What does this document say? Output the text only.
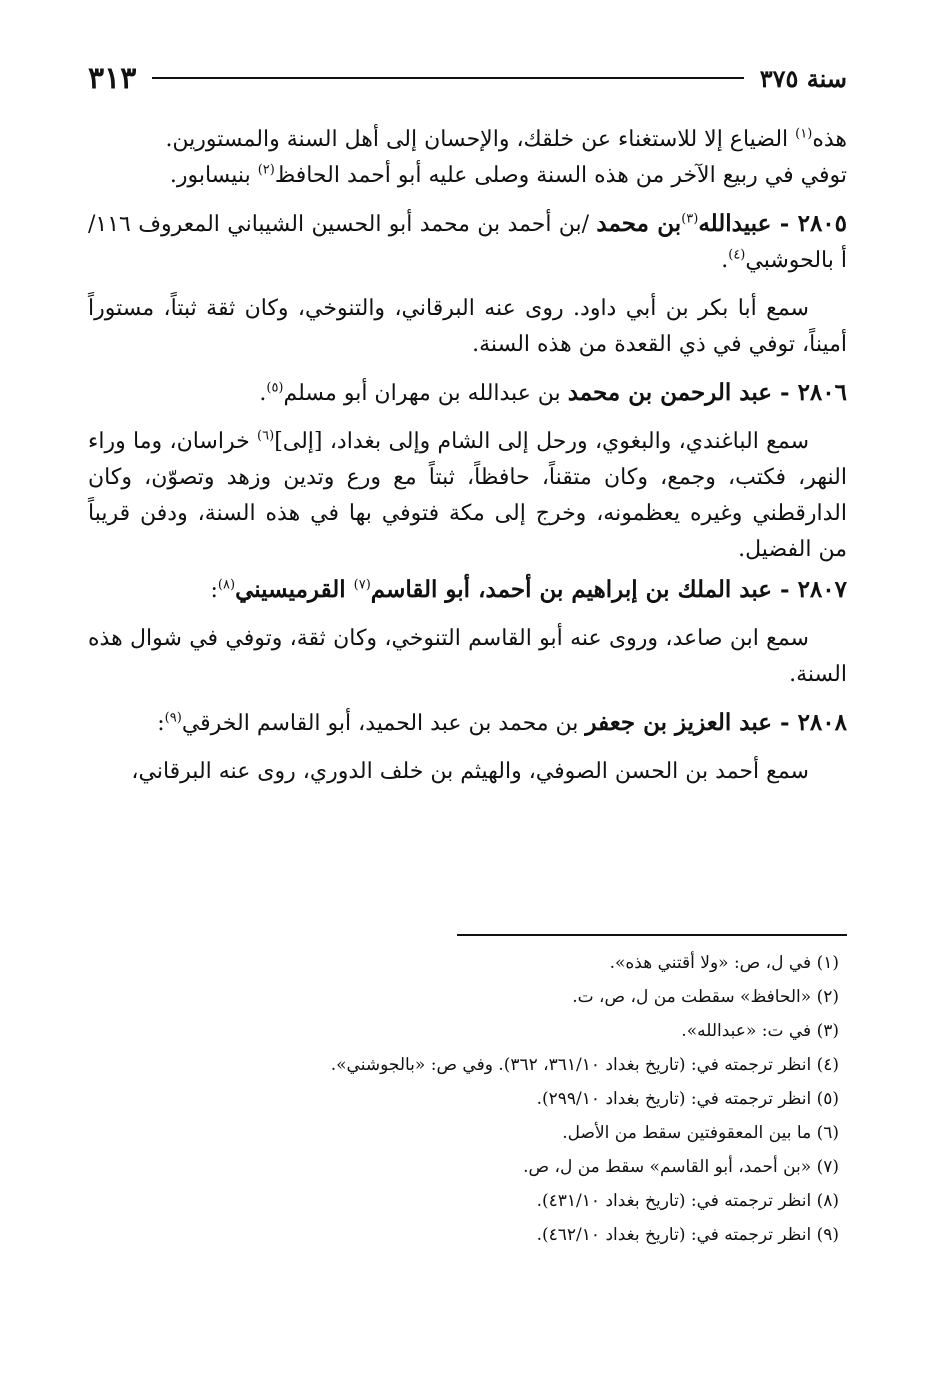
سنة ٣٧٥
٣١٣

هذه$^{(١)}$ الضياع إلا للاستغناء عن خلقك، والإحسان إلى أهل السنة والمستورين.

توفي في ربيع الآخر من هذه السنة وصلى عليه أبو أحمد الحافظ$^{(٢)}$ بنيسابور.

٢٨٠٥ - عبيدالله$^{(٣)}$بن محمد /بن أحمد بن محمد أبو الحسين الشيباني المعروف ١١٦/أ بالحوشبي$^{(٤)}$.

سمع أبا بكر بن أبي داود. روى عنه البرقاني، والتنوخي، وكان ثقة ثبتاً، مستوراً أميناً، توفي في ذي القعدة من هذه السنة.

٢٨٠٦ - عبد الرحمن بن محمد بن عبدالله بن مهران أبو مسلم$^{(٥)}$.

سمع الباغندي، والبغوي، ورحل إلى الشام وإلى بغداد، [إلى]$^{(٦)}$ خراسان، وما وراء النهر، فكتب، وجمع، وكان متقناً، حافظاً، ثبتاً مع ورع وتدين وزهد وتصوّن، وكان الدارقطني وغيره يعظمونه، وخرج إلى مكة فتوفي بها في هذه السنة، ودفن قريباً من الفضيل.

٢٨٠٧ - عبد الملك بن إبراهيم بن أحمد، أبو القاسم$^{(٧)}$ القرميسيني$^{(٨)}$:

سمع ابن صاعد، وروى عنه أبو القاسم التنوخي، وكان ثقة، وتوفي في شوال هذه السنة.

٢٨٠٨ - عبد العزيز بن جعفر بن محمد بن عبد الحميد، أبو القاسم الخرقي$^{(٩)}$:

سمع أحمد بن الحسن الصوفي، والهيثم بن خلف الدوري، روى عنه البرقاني،

(١) في ل، ص: «ولا أقتني هذه».
(٢) «الحافظ» سقطت من ل، ص، ت.
(٣) في ت: «عبدالله».
(٤) انظر ترجمته في: (تاريخ بغداد ٣٦١/١٠، ٣٦٢). وفي ص: «بالجوشني».
(٥) انظر ترجمته في: (تاريخ بغداد ٢٩٩/١٠).
(٦) ما بين المعقوفتين سقط من الأصل.
(٧) «بن أحمد، أبو القاسم» سقط من ل، ص.
(٨) انظر ترجمته في: (تاريخ بغداد ٤٣١/١٠).
(٩) انظر ترجمته في: (تاريخ بغداد ٤٦٢/١٠).
